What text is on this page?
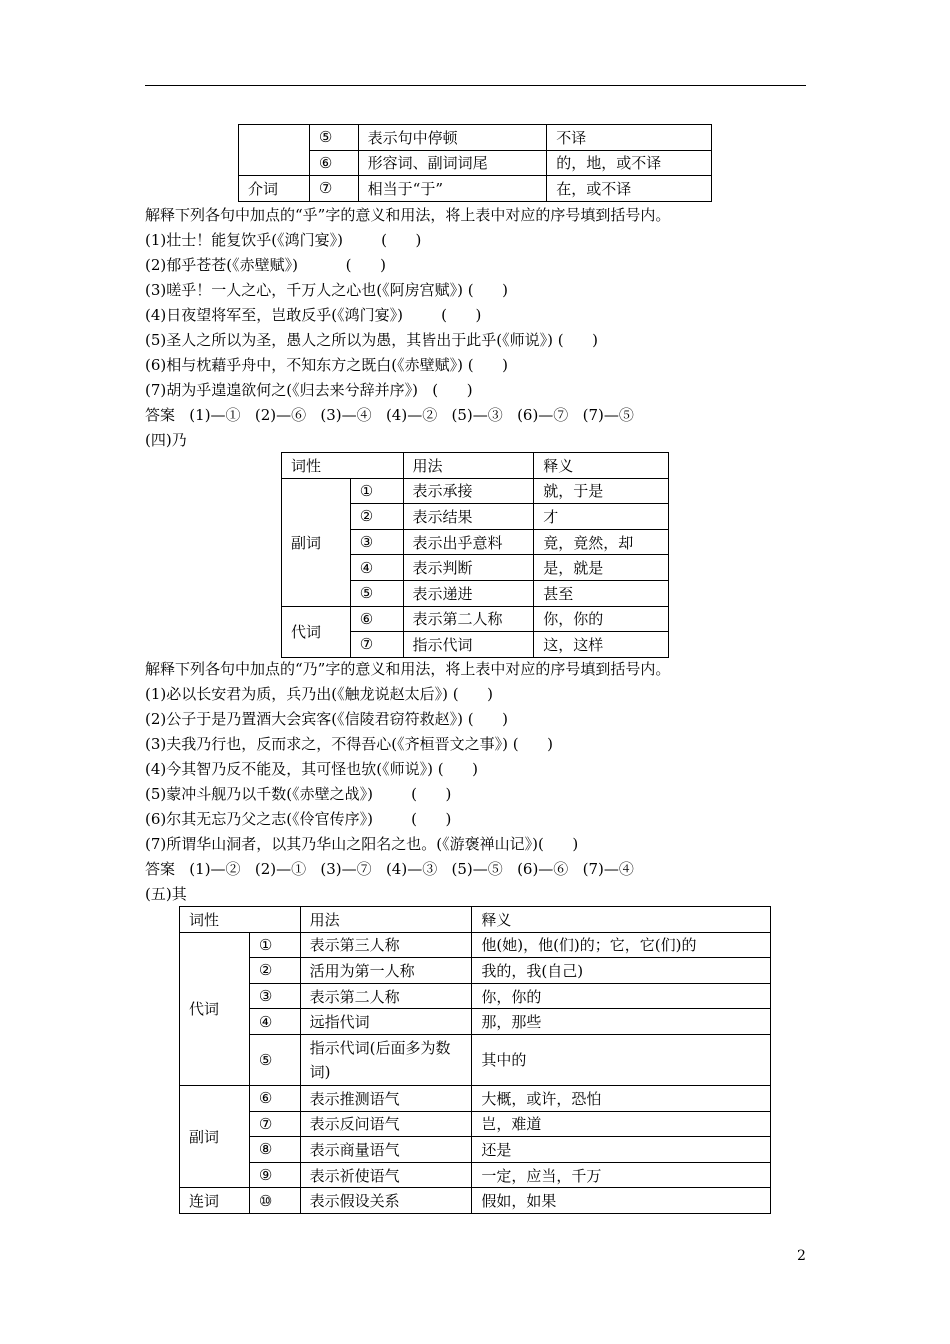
	⑤	表示句中停顿	不译
	⑥	形容词、副词词尾	的，地，或不译
介词	⑦	相当于“于”	在，或不译
解释下列各句中加点的“乎”字的意义和用法，将上表中对应的序号填到括号内。
(1)壮士！能复饮乎(《鸿门宴》)        (      )
(2)郁乎苍苍(《赤壁赋》)          (      )
(3)嗟乎！一人之心，千万人之心也(《阿房宫赋》) (      )
(4)日夜望将军至，岂敢反乎(《鸿门宴》)        (      )
(5)圣人之所以为圣，愚人之所以为愚，其皆出于此乎(《师说》) (      )
(6)相与枕藉乎舟中，不知东方之既白(《赤壁赋》) (      )
(7)胡为乎遑遑欲何之(《归去来兮辞并序》)   (      )
答案   (1)—①   (2)—⑥   (3)—④   (4)—②   (5)—③   (6)—⑦   (7)—⑤
(四)乃
词性		用法	释义
副词	①	表示承接	就，于是
	②	表示结果	才
	③	表示出乎意料	竟，竟然，却
	④	表示判断	是，就是
	⑤	表示递进	甚至
代词	⑥	表示第二人称	你，你的
	⑦	指示代词	这，这样
解释下列各句中加点的“乃”字的意义和用法，将上表中对应的序号填到括号内。
(1)必以长安君为质，兵乃出(《触龙说赵太后》) (      )
(2)公子于是乃置酒大会宾客(《信陵君窃符救赵》) (      )
(3)夫我乃行也，反而求之，不得吾心(《齐桓晋文之事》) (      )
(4)今其智乃反不能及，其可怪也欤(《师说》) (      )
(5)蒙冲斗舰乃以千数(《赤壁之战》)        (      )
(6)尔其无忘乃父之志(《伶官传序》)        (      )
(7)所谓华山洞者，以其乃华山之阳名之也。(《游褒禅山记》)(      )
答案   (1)—②   (2)—①   (3)—⑦   (4)—③   (5)—⑤   (6)—⑥   (7)—④
(五)其
词性		用法	释义
代词	①	表示第三人称	他(她)，他(们)的；它，它(们)的
	②	活用为第一人称	我的，我(自己)
	③	表示第二人称	你，你的
	④	远指代词	那，那些
	⑤	指示代词(后面多为数词)	其中的
副词	⑥	表示推测语气	大概，或许，恐怕
	⑦	表示反问语气	岂，难道
	⑧	表示商量语气	还是
	⑨	表示祈使语气	一定，应当，千万
连词	⑩	表示假设关系	假如，如果
2
